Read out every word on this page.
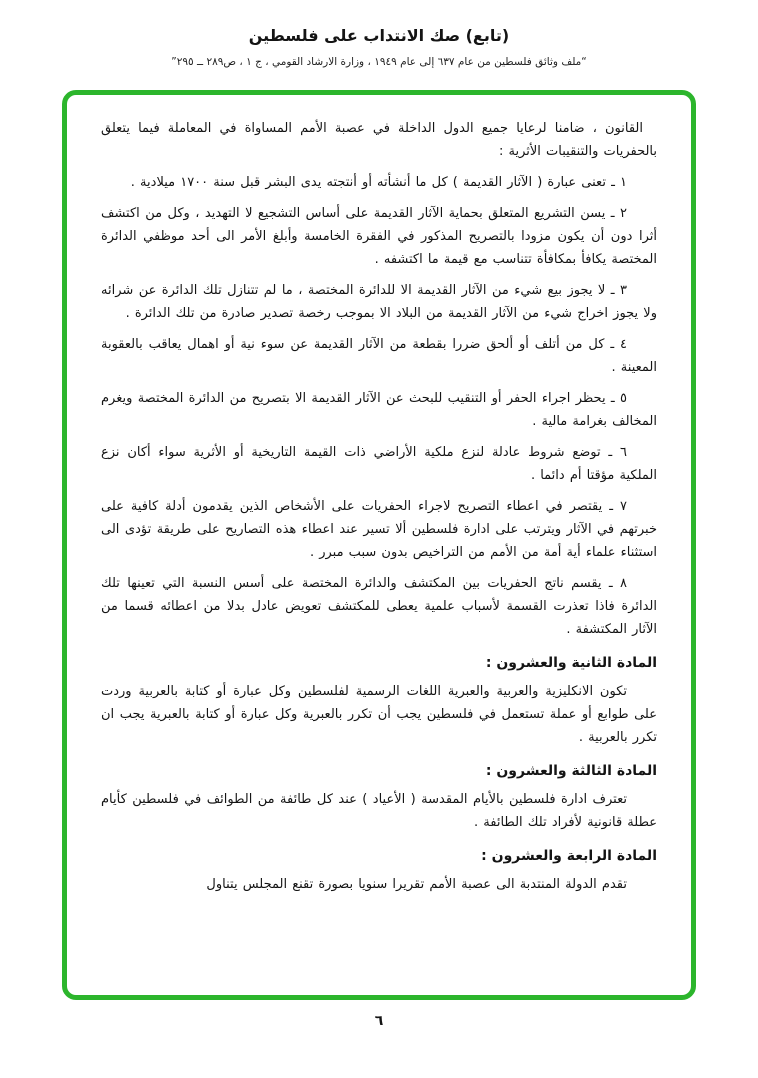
(تابع) صك الانتداب على فلسطين
“ملف وثائق فلسطين من عام ٦٣٧ إلى عام ١٩٤٩ ، وزارة الارشاد القومي ، ج ١ ، ص٢٨٩ ــ ٢٩٥”

القانون ، ضامنا لرعايا جميع الدول الداخلة في عصبة الأمم المساواة في المعاملة فيما يتعلق بالحفريات والتنقيبات الأثرية :

١ ـ تعنى عبارة ( الآثار القديمة ) كل ما أنشأته أو أنتجته يدى البشر قبل سنة ١٧٠٠ ميلادية .

٢ ـ يسن التشريع المتعلق بحماية الآثار القديمة على أساس التشجيع لا التهديد ، وكل من اكتشف أثرا دون أن يكون مزودا بالتصريح المذكور في الفقرة الخامسة وأبلغ الأمر الى أحد موظفي الدائرة المختصة يكافأ بمكافأة تتناسب مع قيمة ما اكتشفه .

٣ ـ لا يجوز بيع شيء من الآثار القديمة الا للدائرة المختصة ، ما لم تتنازل تلك الدائرة عن شرائه ولا يجوز اخراج شيء من الآثار القديمة من البلاد الا بموجب رخصة تصدير صادرة من تلك الدائرة .

٤ ـ كل من أتلف أو ألحق ضررا بقطعة من الآثار القديمة عن سوء نية أو اهمال يعاقب بالعقوبة المعينة .

٥ ـ يحظر اجراء الحفر أو التنقيب للبحث عن الآثار القديمة الا بتصريح من الدائرة المختصة ويغرم المخالف بغرامة مالية .

٦ ـ توضع شروط عادلة لنزع ملكية الأراضي ذات القيمة التاريخية أو الأثرية سواء أكان نزع الملكية مؤقتا أم دائما .

٧ ـ يقتصر في اعطاء التصريح لاجراء الحفريات على الأشخاص الذين يقدمون أدلة كافية على خبرتهم في الآثار ويترتب على ادارة فلسطين ألا تسير عند اعطاء هذه التصاريح على طريقة تؤدى الى استثناء علماء أية أمة من الأمم من التراخيص بدون سبب مبرر .

٨ ـ يقسم ناتج الحفريات بين المكتشف والدائرة المختصة على أسس النسبة التي تعينها تلك الدائرة فاذا تعذرت القسمة لأسباب علمية يعطى للمكتشف تعويض عادل بدلا من اعطائه قسما من الآثار المكتشفة .

المادة الثانية والعشرون :

تكون الانكليزية والعربية والعبرية اللغات الرسمية لفلسطين وكل عبارة أو كتابة بالعربية وردت على طوابع أو عملة تستعمل في فلسطين يجب أن تكرر بالعبرية وكل عبارة أو كتابة بالعبرية يجب ان تكرر بالعربية .

المادة الثالثة والعشرون :

تعترف ادارة فلسطين بالأيام المقدسة ( الأعياد ) عند كل طائفة من الطوائف في فلسطين كأيام عطلة قانونية لأفراد تلك الطائفة .

المادة الرابعة والعشرون :

تقدم الدولة المنتدبة الى عصبة الأمم تقريرا سنويا بصورة تقنع المجلس يتناول

٦
